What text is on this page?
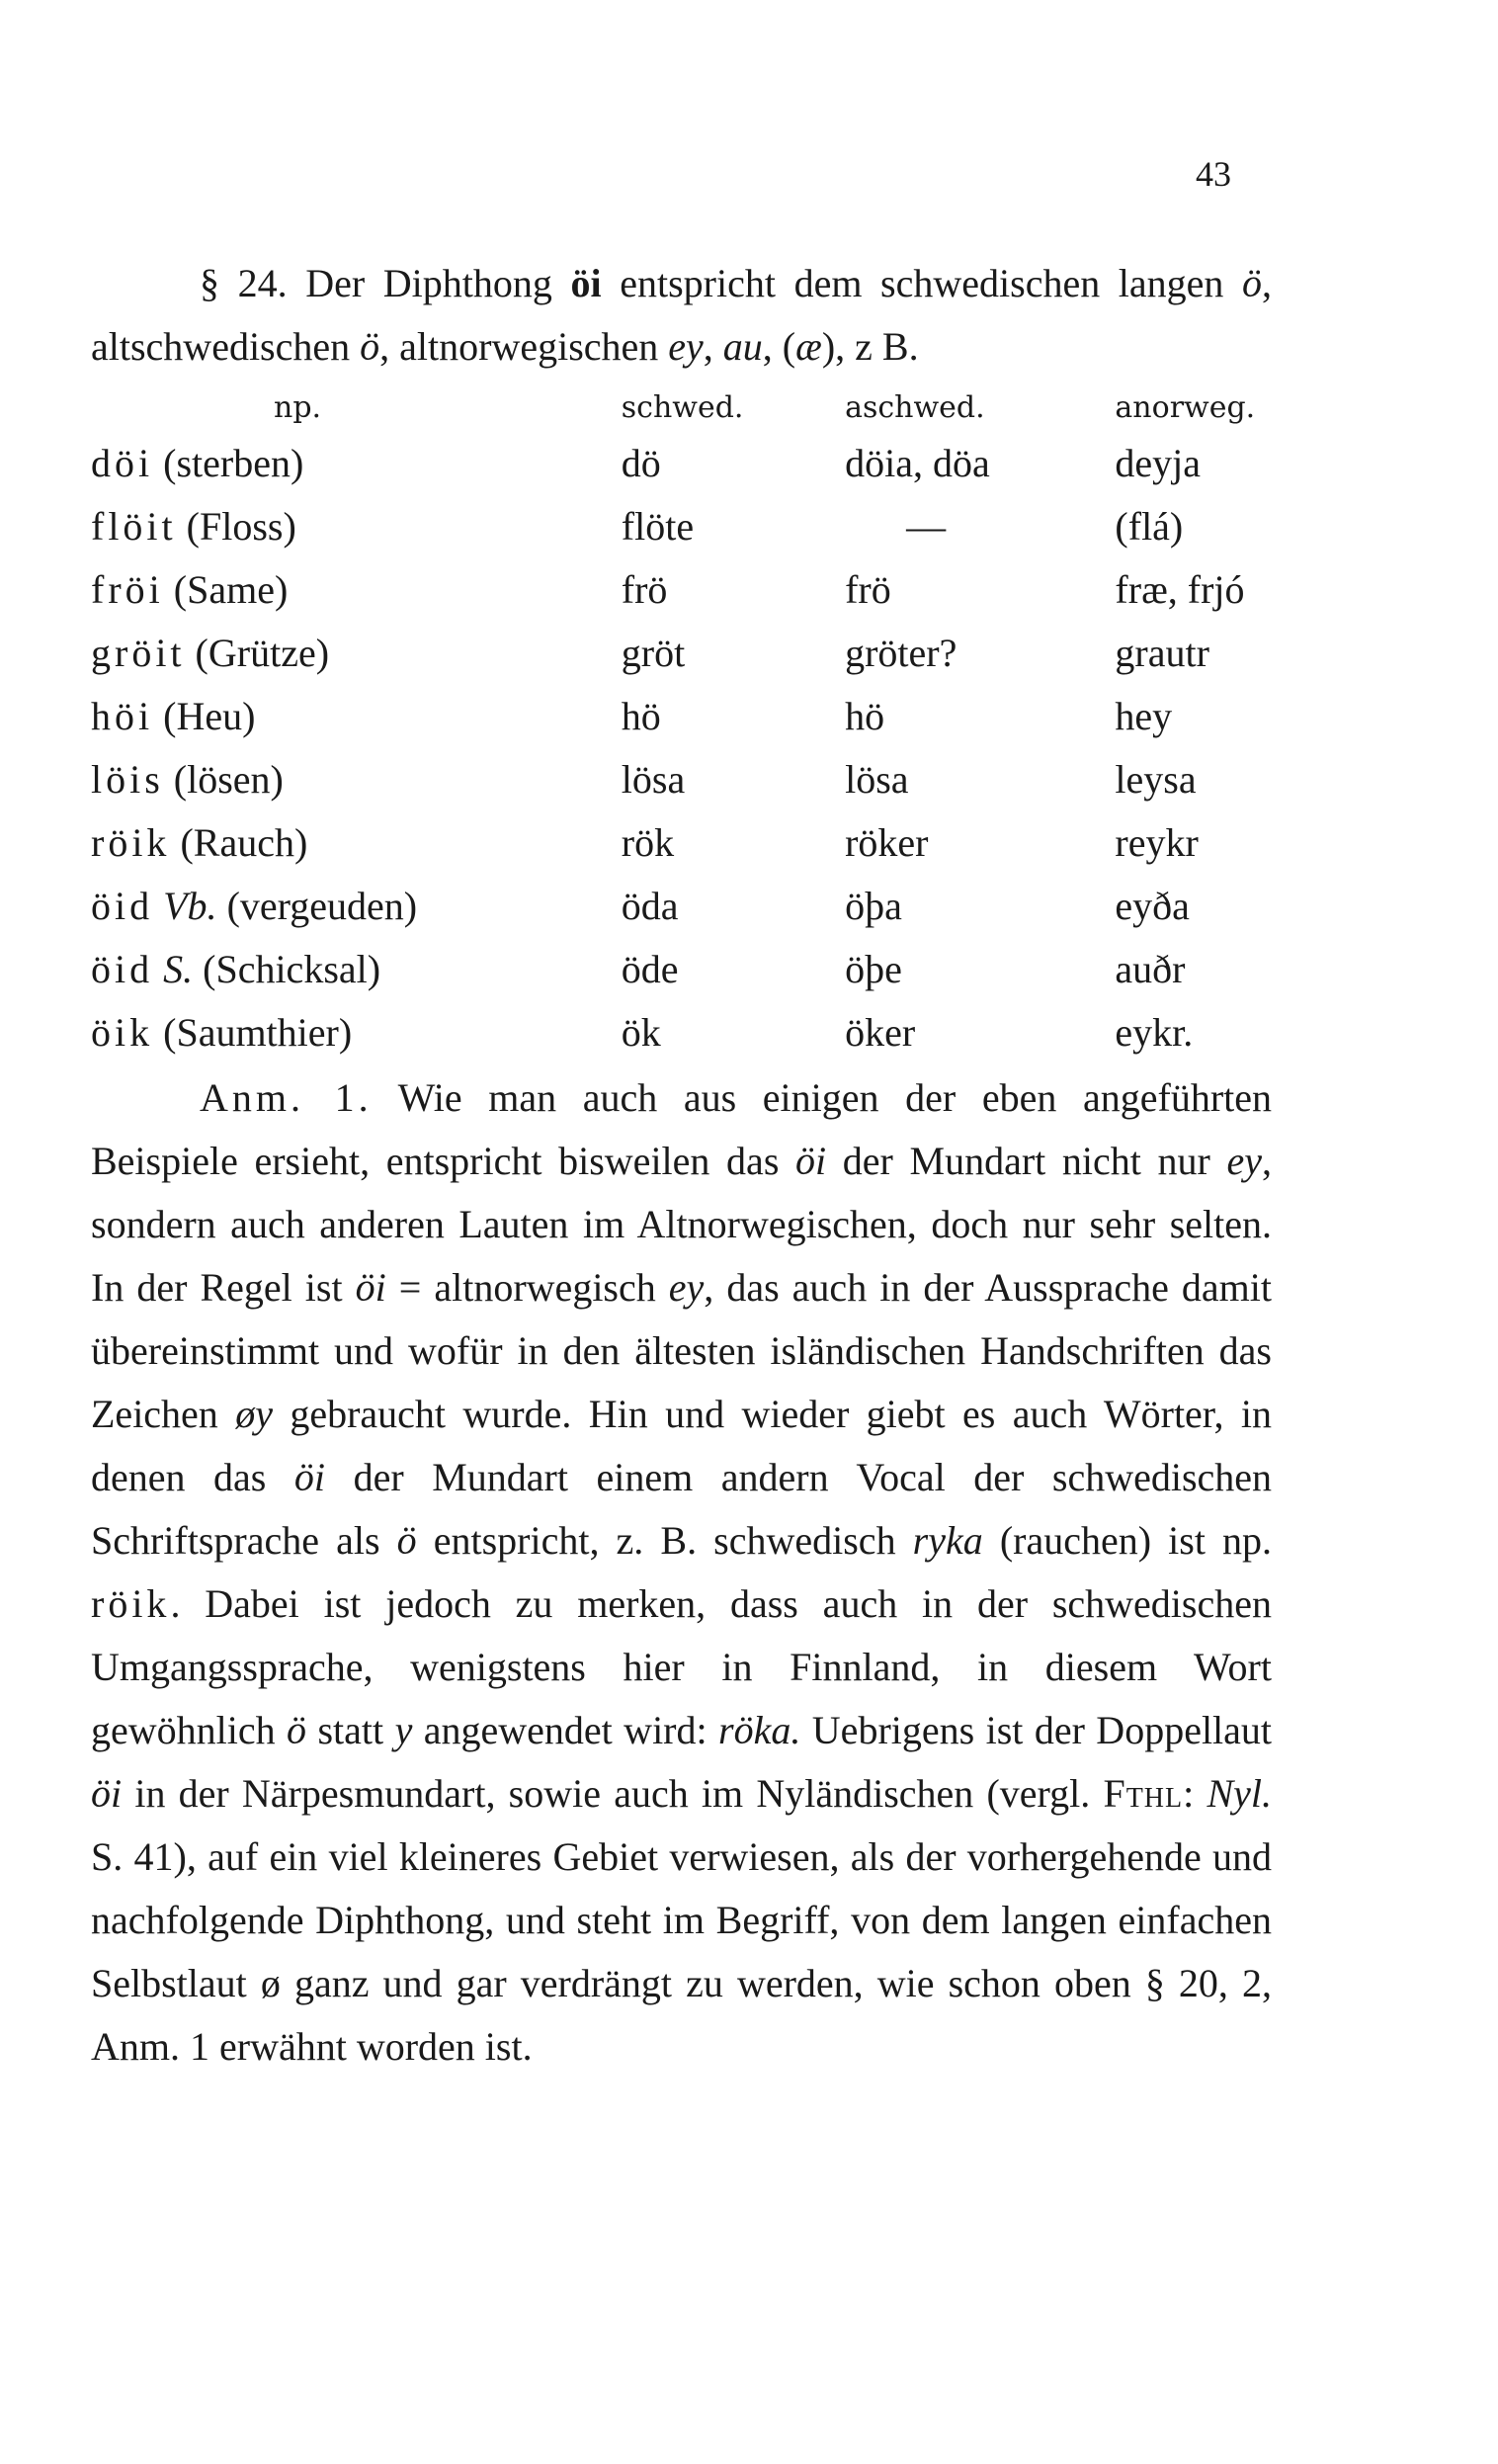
43

§ 24. Der Diphthong öi entspricht dem schwedischen langen ö, altschwedischen ö, altnorwegischen ey, au, (æ), z B.

np.	schwed.	aschwed.	anorweg.
döi (sterben)	dö	döia, döa	deyja
flöit (Floss)	flöte	—	(flá)
fröi (Same)	frö	frö	fræ, frjó
gröit (Grütze)	gröt	gröter?	grautr
höi (Heu)	hö	hö	hey
löis (lösen)	lösa	lösa	leysa
röik (Rauch)	rök	röker	reykr
öid Vb. (vergeuden)	öda	öþa	eyða
öid S. (Schicksal)	öde	öþe	auðr
öik (Saumthier)	ök	öker	eykr.

Anm. 1. Wie man auch aus einigen der eben angeführten Beispiele ersieht, entspricht bisweilen das öi der Mundart nicht nur ey, sondern auch anderen Lauten im Altnorwegischen, doch nur sehr selten. In der Regel ist öi = altnorwegisch ey, das auch in der Aussprache damit übereinstimmt und wofür in den ältesten isländischen Handschriften das Zeichen øy gebraucht wurde. Hin und wieder giebt es auch Wörter, in denen das öi der Mundart einem andern Vocal der schwedischen Schriftsprache als ö entspricht, z. B. schwedisch ryka (rauchen) ist np. röik. Dabei ist jedoch zu merken, dass auch in der schwedischen Umgangssprache, wenigstens hier in Finnland, in diesem Wort gewöhnlich ö statt y angewendet wird: röka. Uebrigens ist der Doppellaut öi in der Närpesmundart, sowie auch im Nyländischen (vergl. Fthl: Nyl. S. 41), auf ein viel kleineres Gebiet verwiesen, als der vorhergehende und nachfolgende Diphthong, und steht im Begriff, von dem langen einfachen Selbstlaut ø ganz und gar verdrängt zu werden, wie schon oben § 20, 2, Anm. 1 erwähnt worden ist.
